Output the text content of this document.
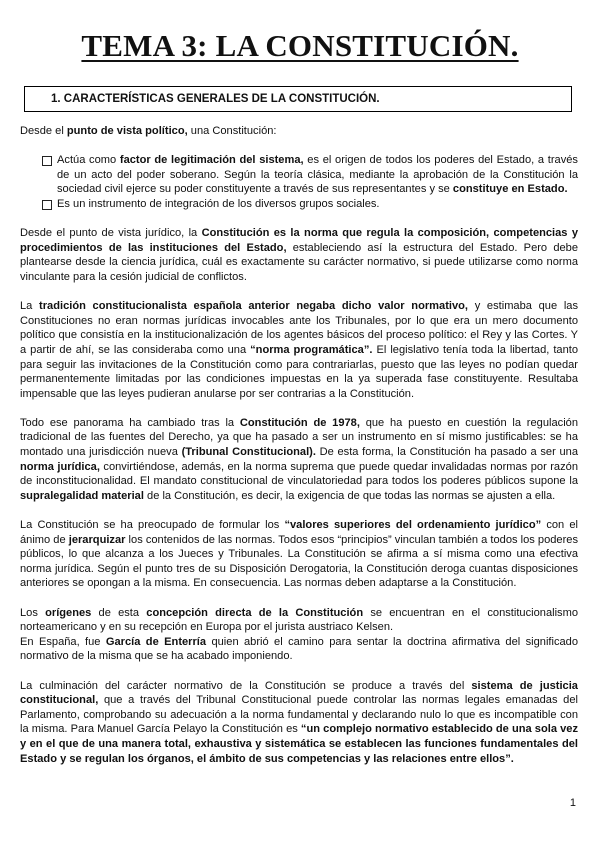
TEMA 3: LA CONSTITUCIÓN.
1. CARACTERÍSTICAS GENERALES DE LA CONSTITUCIÓN.

Desde el punto de vista político, una Constitución:

Actúa como factor de legitimación del sistema, es el origen de todos los poderes del Estado, a través de un acto del poder soberano. Según la teoría clásica, mediante la aprobación de la Constitución la sociedad civil ejerce su poder constituyente a través de sus representantes y se constituye en Estado.
Es un instrumento de integración de los diversos grupos sociales.

Desde el punto de vista jurídico, la Constitución es la norma que regula la composición, competencias y procedimientos de las instituciones del Estado, estableciendo así la estructura del Estado. Pero debe plantearse desde la ciencia jurídica, cuál es exactamente su carácter normativo, si puede utilizarse como norma vinculante para la cesión judicial de conflictos.

La tradición constitucionalista española anterior negaba dicho valor normativo, y estimaba que las Constituciones no eran normas jurídicas invocables ante los Tribunales, por lo que era un mero documento político que consistía en la institucionalización de los agentes básicos del proceso político: el Rey y las Cortes. Y a partir de ahí, se las consideraba como una “norma programática”. El legislativo tenía toda la libertad, tanto para seguir las invitaciones de la Constitución como para contrariarlas, puesto que las leyes no podían quedar permanentemente limitadas por las condiciones impuestas en la ya superada fase constituyente. Resultaba impensable que las leyes pudieran anularse por ser contrarias a la Constitución.

Todo ese panorama ha cambiado tras la Constitución de 1978, que ha puesto en cuestión la regulación tradicional de las fuentes del Derecho, ya que ha pasado a ser un instrumento en sí mismo justificables: se ha montado una jurisdicción nueva (Tribunal Constitucional). De esta forma, la Constitución ha pasado a ser una norma jurídica, convirtiéndose, además, en la norma suprema que puede quedar invalidadas normas por razón de inconstitucionalidad. El mandato constitucional de vinculatoriedad para todos los poderes públicos supone la supralegalidad material de la Constitución, es decir, la exigencia de que todas las normas se ajusten a ella.

La Constitución se ha preocupado de formular los “valores superiores del ordenamiento jurídico” con el ánimo de jerarquizar los contenidos de las normas. Todos esos “principios” vinculan también a todos los poderes públicos, lo que alcanza a los Jueces y Tribunales. La Constitución se afirma a sí misma como una efectiva norma jurídica. Según el punto tres de su Disposición Derogatoria, la Constitución deroga cuantas disposiciones anteriores se opongan a la misma. En consecuencia. Las normas deben adaptarse a la Constitución.

Los orígenes de esta concepción directa de la Constitución se encuentran en el constitucionalismo norteamericano y en su recepción en Europa por el jurista austriaco Kelsen.
En España, fue García de Enterría quien abrió el camino para sentar la doctrina afirmativa del significado normativo de la misma que se ha acabado imponiendo.

La culminación del carácter normativo de la Constitución se produce a través del sistema de justicia constitucional, que a través del Tribunal Constitucional puede controlar las normas legales emanadas del Parlamento, comprobando su adecuación a la norma fundamental y declarando nulo lo que es incompatible con la misma. Para Manuel García Pelayo la Constitución es “un complejo normativo establecido de una sola vez y en el que de una manera total, exhaustiva y sistemática se establecen las funciones fundamentales del Estado y se regulan los órganos, el ámbito de sus competencias y las relaciones entre ellos”.

1
